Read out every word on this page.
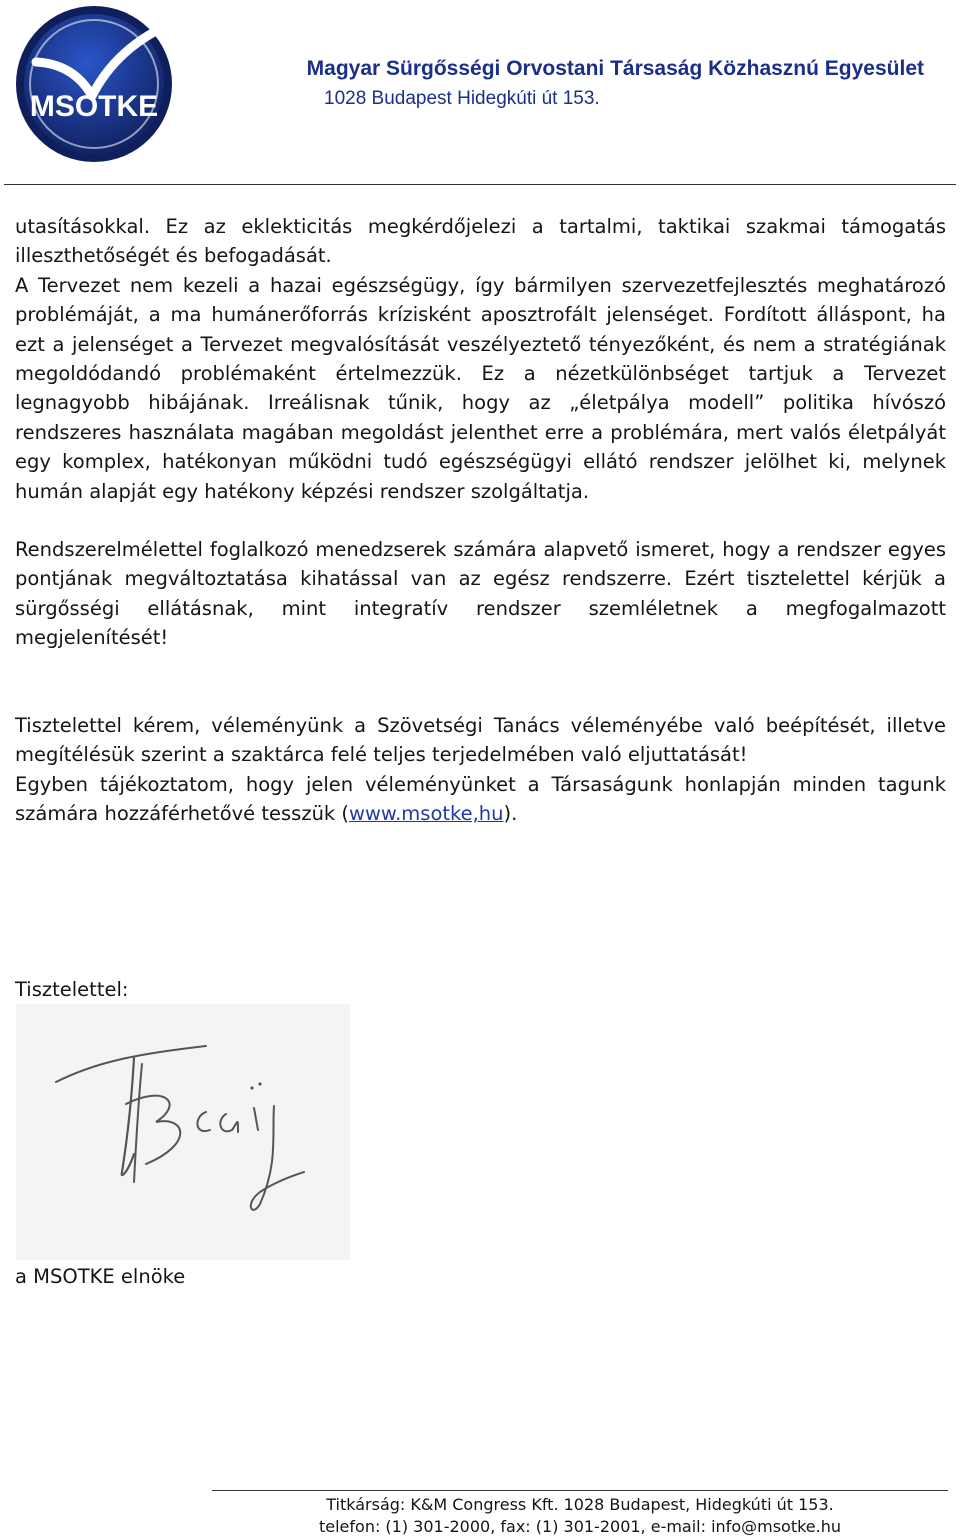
MSOTKE
Magyar Sürgősségi Orvostani Társaság Közhasznú Egyesület
1028 Budapest Hidegkúti út 153.

utasításokkal. Ez az eklekticitás megkérdőjelezi a tartalmi, taktikai szakmai támogatás illeszthetőségét és befogadását.

A Tervezet nem kezeli a hazai egészségügy, így bármilyen szervezetfejlesztés meghatározó problémáját, a ma humánerőforrás krízisként aposztrofált jelenséget. Fordított álláspont, ha ezt a jelenséget a Tervezet megvalósítását veszélyeztető tényezőként, és nem a stratégiának megoldódandó problémaként értelmezzük. Ez a nézetkülönbséget tartjuk a Tervezet legnagyobb hibájának. Irreálisnak tűnik, hogy az „életpálya modell” politika hívószó rendszeres használata magában megoldást jelenthet erre a problémára, mert valós életpályát egy komplex, hatékonyan működni tudó egészségügyi ellátó rendszer jelölhet ki, melynek humán alapját egy hatékony képzési rendszer szolgáltatja.

Rendszerelmélettel foglalkozó menedzserek számára alapvető ismeret, hogy a rendszer egyes pontjának megváltoztatása kihatással van az egész rendszerre. Ezért tisztelettel kérjük a sürgősségi ellátásnak, mint integratív rendszer szemléletnek a megfogalmazott megjelenítését!

Tisztelettel kérem, véleményünk a Szövetségi Tanács véleményébe való beépítését, illetve megítélésük szerint a szaktárca felé teljes terjedelmében való eljuttatását!

Egyben tájékoztatom, hogy jelen véleményünket a Társaságunk honlapján minden tagunk számára hozzáférhetővé tesszük (www.msotke,hu).

Tisztelettel:
a MSOTKE elnöke
Titkárság: K&M Congress Kft. 1028 Budapest, Hidegkúti út 153.
telefon: (1) 301-2000, fax: (1) 301-2001, e-mail: info@msotke.hu
